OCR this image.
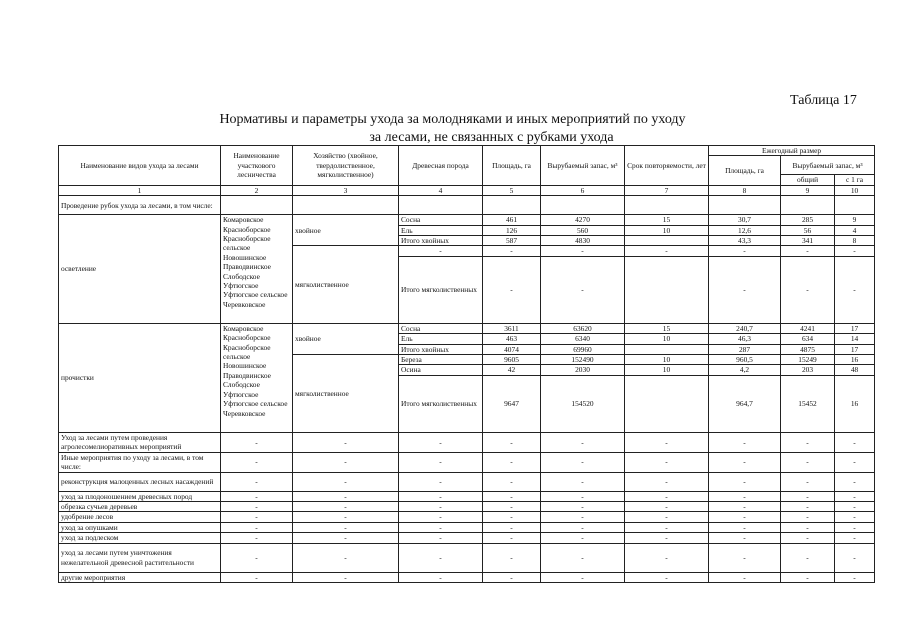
Таблица 17
Нормативы и параметры ухода за молодняками и иных мероприятий по уходу
за лесами, не связанных с рубками ухода
Наименование видов ухода за лесами	Наименование участкового лесничества	Хозяйство (хвойное, твердолиственное, мягколиственное)	Древесная порода	Площадь, га	Вырубаемый запас, м³	Срок повторяемости, лет	Ежегодный размер		
							Площадь, га	Вырубаемый запас, м³	
								общий	с 1 га
1	2	3	4	5	6	7	8	9	10
Проведение рубок ухода за лесами, в том числе:									
осветление	Комаровское Красноборское Красноборское сельское Новошинское Праводвинское Слободское Уфтюгское Уфтюгское сельское Черевковское	хвойное	Сосна	461	4270	15	30,7	285	9
			Ель	126	560	10	12,6	56	4
			Итого хвойных	587	4830		43,3	341	8
		мягколиственное	-	-	-	-	-	-	-
			Итого мягколиственных	-	-		-	-	-
прочистки	Комаровское Красноборское Красноборское сельское Новошинское Праводвинское Слободское Уфтюгское Уфтюгское сельское Черевковское	хвойное	Сосна	3611	63620	15	240,7	4241	17
			Ель	463	6340	10	46,3	634	14
			Итого хвойных	4074	69960		287	4875	17
		мягколиственное	Береза	9605	152490	10	960,5	15249	16
			Осина	42	2030	10	4,2	203	48
			Итого мягколиственных	9647	154520		964,7	15452	16
Уход за лесами путем проведения агролесомелиоративных мероприятий	-	-	-	-	-	-	-	-	-
Иные мероприятия по уходу за лесами, в том числе:	-	-	-	-	-	-	-	-	-
реконструкция малоценных лесных насаждений	-	-	-	-	-	-	-	-	-
уход за плодоношением древесных пород	-	-	-	-	-	-	-	-	-
обрезка сучьев деревьев	-	-	-	-	-	-	-	-	-
удобрение лесов	-	-	-	-	-	-	-	-	-
уход за опушками	-	-	-	-	-	-	-	-	-
уход за подлеском	-	-	-	-	-	-	-	-	-
уход за лесами путем уничтожения нежелательной древесной растительности	-	-	-	-	-	-	-	-	-
другие мероприятия	-	-	-	-	-	-	-	-	-
